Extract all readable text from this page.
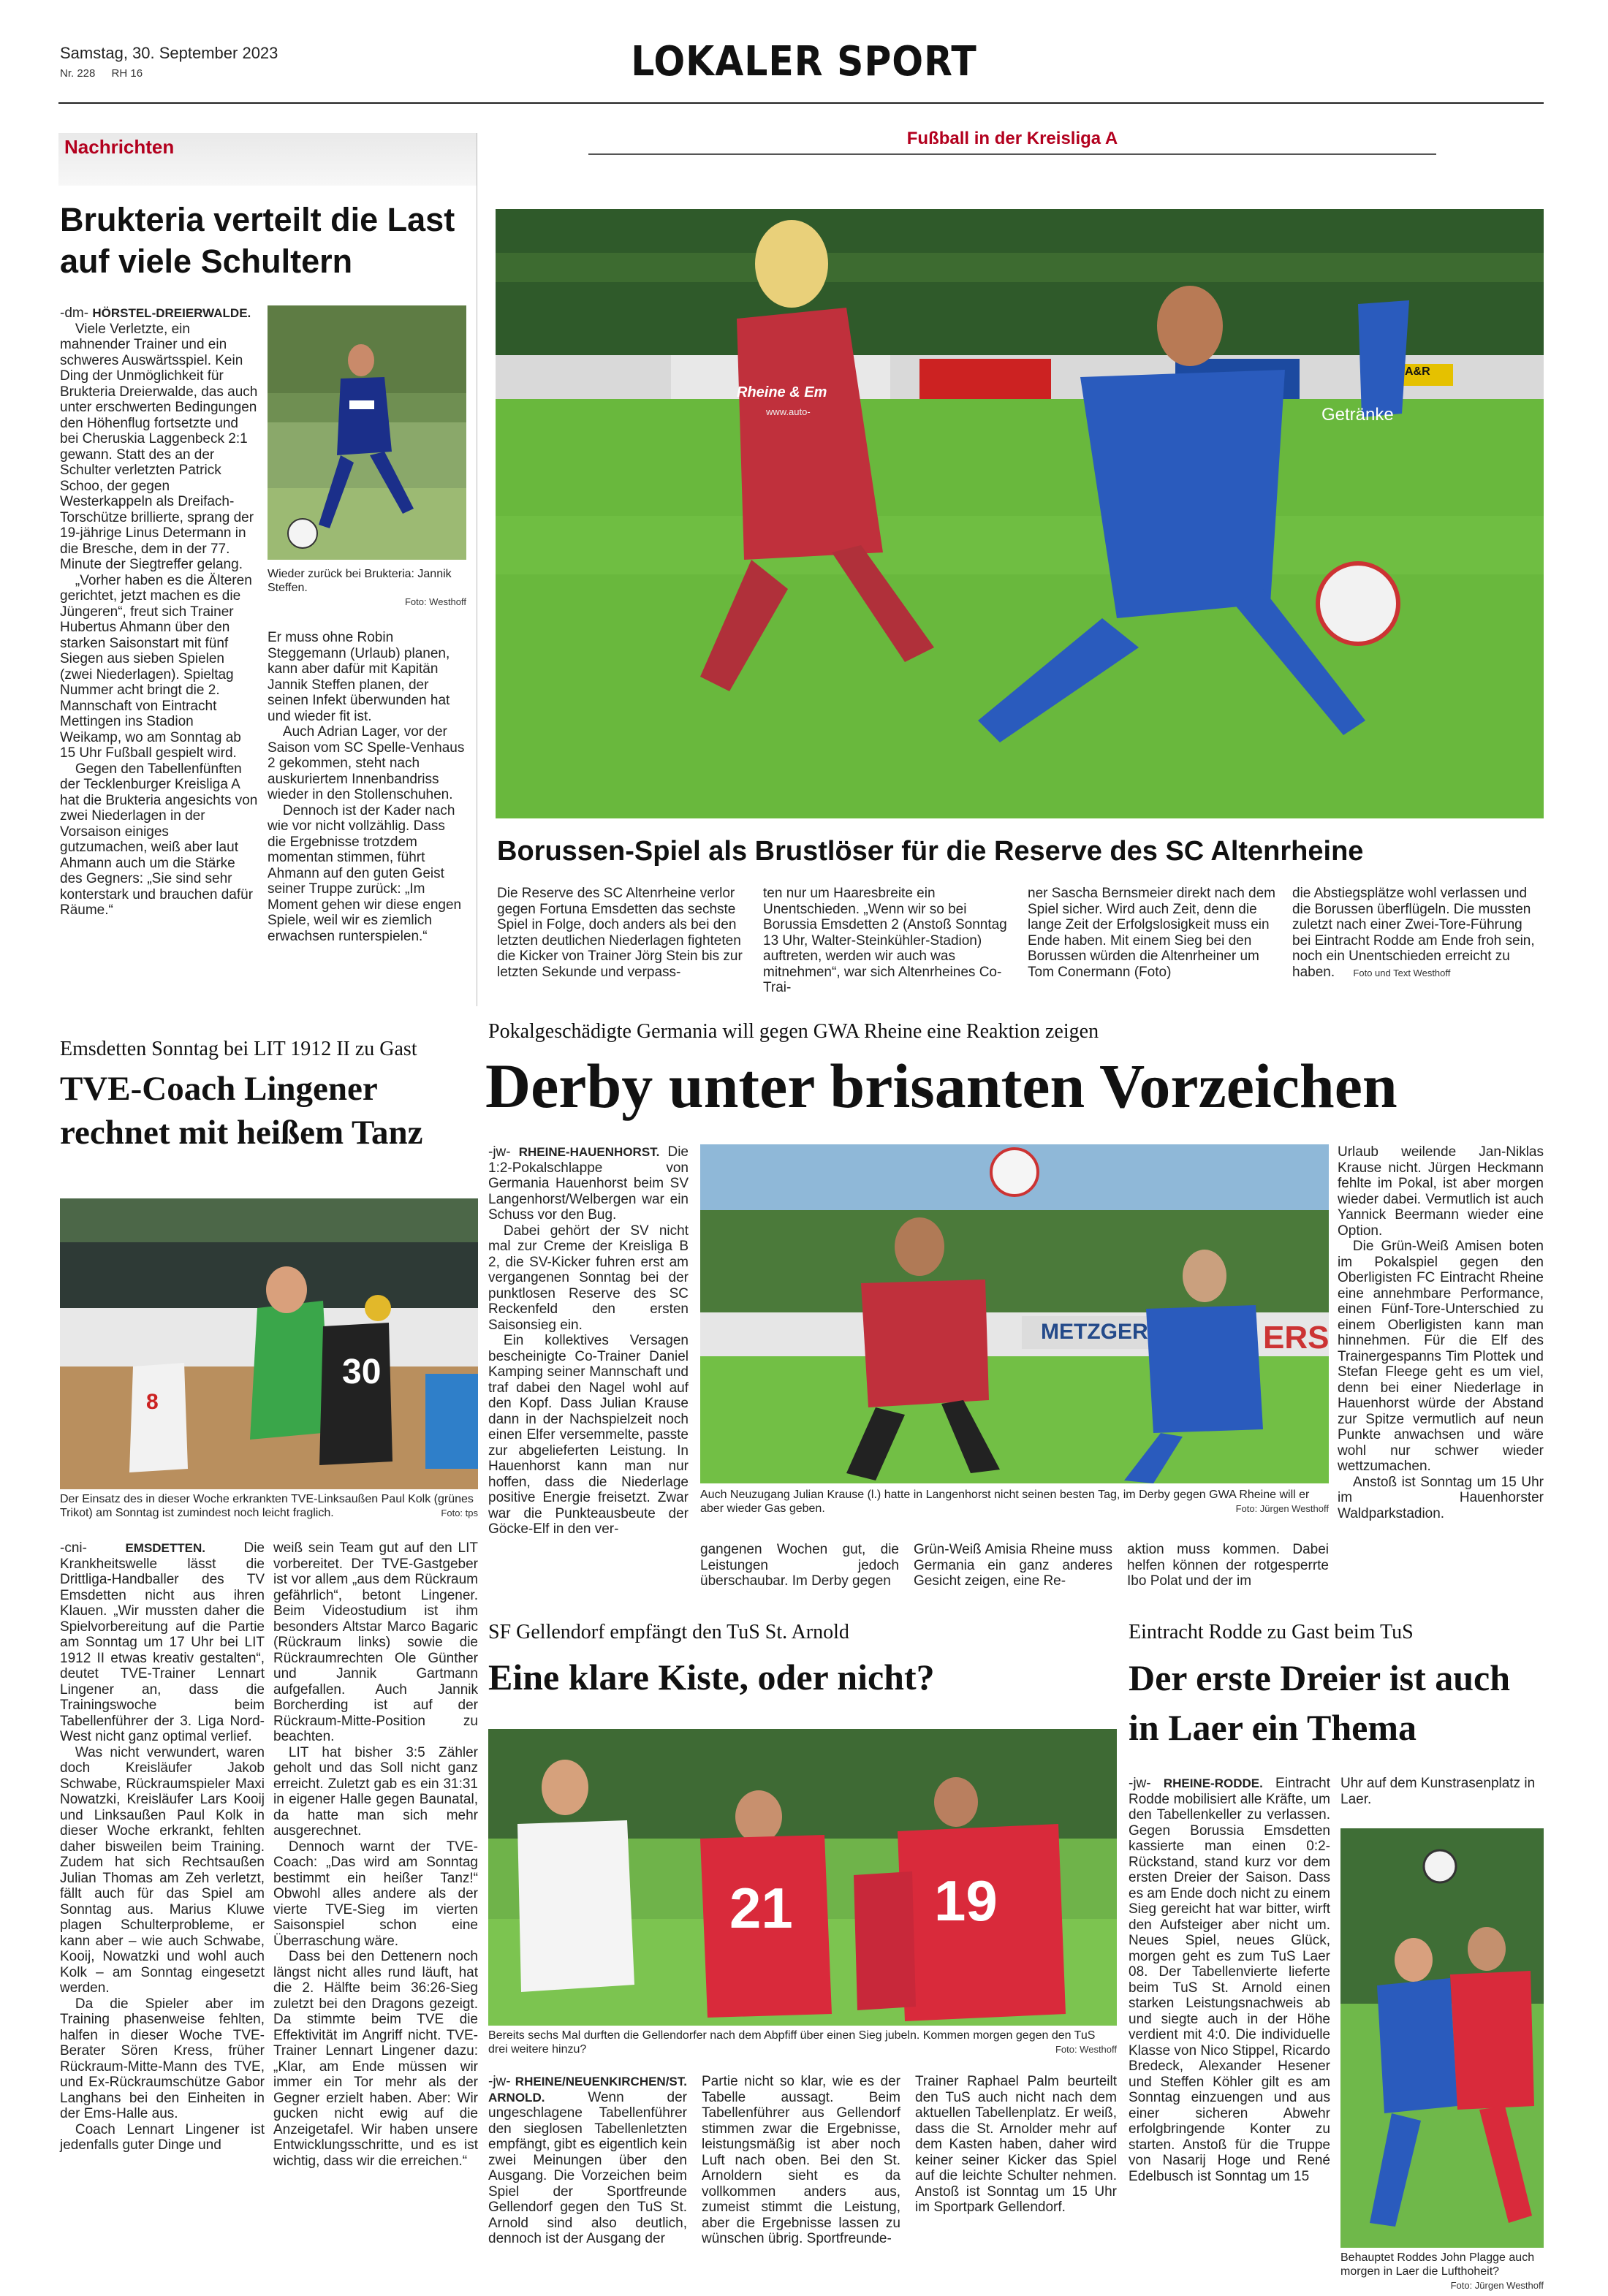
Samstag, 30. September 2023
Nr. 228 RH 16	LOKALER SPORT
Nachrichten
Brukteria verteilt die Last auf viele Schultern

-dm- HÖRSTEL-DREIERWALDE.

Viele Verletzte, ein mahnender Trainer und ein schweres Auswärtsspiel. Kein Ding der Unmöglichkeit für Brukteria Dreierwalde, das auch unter erschwerten Bedingungen den Höhenflug fortsetzte und bei Cheruskia Laggenbeck 2:1 gewann. Statt des an der Schulter verletzten Patrick Schoo, der gegen Westerkappeln als Dreifach-Torschütze brillierte, sprang der 19-jährige Linus Determann in die Bresche, dem in der 77. Minute der Siegtreffer gelang.

„Vorher haben es die Älteren gerichtet, jetzt machen es die Jüngeren“, freut sich Trainer Hubertus Ahmann über den starken Saisonstart mit fünf Siegen aus sieben Spielen (zwei Niederlagen). Spieltag Nummer acht bringt die 2. Mannschaft von Eintracht Mettingen ins Stadion Weikamp, wo am Sonntag ab 15 Uhr Fußball gespielt wird.

Gegen den Tabellenfünften der Tecklenburger Kreisliga A hat die Brukteria angesichts von zwei Niederlagen in der Vorsaison einiges gutzumachen, weiß aber laut Ahmann auch um die Stärke des Gegners: „Sie sind sehr konterstark und brauchen dafür Räume.“

Wieder zurück bei Brukteria: Jannik Steffen.
Foto: Westhoff

Er muss ohne Robin Steggemann (Urlaub) planen, kann aber dafür mit Kapitän Jannik Steffen planen, der seinen Infekt überwunden hat und wieder fit ist.

Auch Adrian Lager, vor der Saison vom SC Spelle-Venhaus 2 gekommen, steht nach auskuriertem Innenbandriss wieder in den Stollenschuhen.

Dennoch ist der Kader nach wie vor nicht vollzählig. Dass die Ergebnisse trotzdem momentan stimmen, führt Ahmann auf den guten Geist seiner Truppe zurück: „Im Moment gehen wir diese engen Spiele, weil wir es ziemlich erwachsen runterspielen.“

Fußball in der Kreisliga A
Rheine & Em
www.auto-	Getränke
A&R
Borussen-Spiel als Brustlöser für die Reserve des SC Altenrheine
Die Reserve des SC Altenrheine verlor gegen Fortuna Emsdetten das sechste Spiel in Folge, doch anders als bei den letzten deutlichen Niederlagen fighteten die Kicker von Trainer Jörg Stein bis zur letzten Sekunde und verpass-
ten nur um Haaresbreite ein Unentschieden. „Wenn wir so bei Borussia Emsdetten 2 (Anstoß Sonntag 13 Uhr, Walter-Steinkühler-Stadion) auftreten, werden wir auch was mitnehmen“, war sich Altenrheines Co-Trai-
ner Sascha Bernsmeier direkt nach dem Spiel sicher. Wird auch Zeit, denn die lange Zeit der Erfolgslosigkeit muss ein Ende haben. Mit einem Sieg bei den Borussen würden die Altenrheiner um Tom Conermann (Foto)
die Abstiegsplätze wohl verlassen und die Borussen überflügeln. Die mussten zuletzt nach einer Zwei-Tore-Führung bei Eintracht Rodde am Ende froh sein, noch ein Unentschieden erreicht zu haben. Foto und Text Westhoff
Emsdetten Sonntag bei LIT 1912 II zu Gast
TVE-Coach Lingener
rechnet mit heißem Tanz
8
30
Der Einsatz des in dieser Woche erkrankten TVE-Linksaußen Paul Kolk (grünes Trikot) am Sonntag ist zumindest noch leicht fraglich.	Foto: tps

-cni-	EMSDETTEN.	Die Krankheitswelle lässt die Drittliga-Handballer des TV Emsdetten nicht aus ihren Klauen. „Wir mussten daher die Spielvorbereitung auf die Partie am Sonntag um 17 Uhr bei LIT 1912 II etwas kreativ gestalten“, deutet TVE-Trainer Lennart Lingener an, dass die Trainingswoche beim Tabellenführer der 3. Liga Nord-West nicht ganz optimal verlief.

Was nicht verwundert, waren doch Kreisläufer Jakob Schwabe, Rückraumspieler Maxi Nowatzki, Kreisläufer Lars Kooij und Linksaußen Paul Kolk in dieser Woche erkrankt, fehlten daher bisweilen beim Training. Zudem hat sich Rechtsaußen Julian Thomas am Zeh verletzt, fällt auch für das Spiel am Sonntag aus. Marius Kluwe plagen Schulterprobleme, er kann aber – wie auch Schwabe, Kooij, Nowatzki und wohl auch Kolk – am Sonntag eingesetzt werden.

Da die Spieler aber im Training phasenweise fehlten, halfen in dieser Woche TVE-Berater Sören Kress, früher Rückraum-Mitte-Mann des TVE, und Ex-Rückraumschütze Gabor Langhans bei den Einheiten in der Ems-Halle aus.

Coach Lennart Lingener ist jedenfalls guter Dinge und

weiß sein Team gut auf den LIT vorbereitet. Der TVE-Gastgeber ist vor allem „aus dem Rückraum gefährlich“, betont Lingener. Beim Videostudium ist ihm besonders Altstar Marco Bagaric (Rückraum links) sowie die Rückraumrechten Ole Günther und Jannik Gartmann aufgefallen. Auch Jannik Borcherding ist auf der Rückraum-Mitte-Position zu beachten.

LIT hat bisher 3:5 Zähler geholt und das Soll nicht ganz erreicht. Zuletzt gab es ein 31:31 in eigener Halle gegen Baunatal, da hatte man sich mehr ausgerechnet.

Dennoch warnt der TVE-Coach: „Das wird am Sonntag bestimmt ein heißer Tanz!“ Obwohl alles andere als der vierte TVE-Sieg im vierten Saisonspiel schon eine Überraschung wäre.

Dass bei den Dettenern noch längst nicht alles rund läuft, hat die 2. Hälfte beim 36:26-Sieg zuletzt bei den Dragons gezeigt. Da stimmte beim TVE die Effektivität im Angriff nicht. TVE-Trainer Lennart Lingener dazu: „Klar, am Ende müssen wir immer ein Tor mehr als der Gegner erzielt haben. Aber: Wir gucken nicht ewig auf die Anzeigetafel. Wir haben unsere Entwicklungsschritte, und es ist wichtig, dass wir die erreichen.“

Pokalgeschädigte Germania will gegen GWA Rheine eine Reaktion zeigen
Derby unter brisanten Vorzeichen

-jw- RHEINE-HAUENHORST. Die 1:2-Pokalschlappe von Germania Hauenhorst beim SV Langenhorst/Welbergen war ein Schuss vor den Bug.

Dabei gehört der SV nicht mal zur Creme der Kreisliga B 2, die SV-Kicker fuhren erst am vergangenen Sonntag bei der punktlosen Reserve des SC Reckenfeld den ersten Saisonsieg ein.

Ein kollektives Versagen bescheinigte Co-Trainer Daniel Kamping seiner Mannschaft und traf dabei den Nagel wohl auf den Kopf. Dass Julian Krause dann in der Nachspielzeit noch einen Elfer versemmelte, passte zur abgelieferten Leistung. In Hauenhorst kann man nur hoffen, dass die Niederlage positive Energie freisetzt. Zwar war die Punkteausbeute der Göcke-Elf in den ver-

METZGER	ERS
Auch Neuzugang Julian Krause (l.) hatte in Langenhorst nicht seinen besten Tag, im Derby gegen GWA Rheine will er aber wieder Gas geben.	Foto: Jürgen Westhoff

Urlaub weilende Jan-Niklas Krause nicht. Jürgen Heckmann fehlte im Pokal, ist aber morgen wieder dabei. Vermutlich ist auch Yannick Beermann wieder eine Option.

Die Grün-Weiß Amisen boten im Pokalspiel gegen den Oberligisten FC Eintracht Rheine eine annehmbare Performance, einen Fünf-Tore-Unterschied zu einem Oberligisten kann man hinnehmen. Für die Elf des Trainergespanns Tim Plottek und Stefan Fleege geht es um viel, denn bei einer Niederlage in Hauenhorst würde der Abstand zur Spitze vermutlich auf neun Punkte anwachsen und wäre wohl nur schwer wieder wettzumachen.

Anstoß ist Sonntag um 15 Uhr im Hauenhorster Waldparkstadion.

gangenen Wochen gut, die Leistungen jedoch überschaubar. Im Derby gegen
Grün-Weiß Amisia Rheine muss Germania ein ganz anderes Gesicht zeigen, eine Re-
aktion muss kommen. Dabei helfen können der rotgesperrte Ibo Polat und der im
SF Gellendorf empfängt den TuS St. Arnold
Eine klare Kiste, oder nicht?
21 19
Bereits sechs Mal durften die Gellendorfer nach dem Abpfiff über einen Sieg jubeln. Kommen morgen gegen den TuS drei weitere hinzu?	Foto: Westhoff
-jw- RHEINE/NEUENKIRCHEN/ST. ARNOLD.	Wenn der ungeschlagene Tabellenführer den sieglosen Tabellenletzten empfängt, gibt es eigentlich kein zwei Meinungen über den Ausgang. Die Vorzeichen beim Spiel der Sportfreunde Gellendorf gegen den TuS St. Arnold sind also deutlich, dennoch ist der Ausgang der
Partie nicht so klar, wie es der Tabelle aussagt. Beim Tabellenführer aus Gellendorf stimmen zwar die Ergebnisse, leistungsmäßig ist aber noch Luft nach oben. Bei den St. Arnoldern sieht es da vollkommen anders aus, zumeist stimmt die Leistung, aber die Ergebnisse lassen zu wünschen übrig. Sportfreunde-
Trainer Raphael Palm beurteilt den TuS auch nicht nach dem aktuellen Tabellenplatz. Er weiß, dass die St. Arnolder mehr auf dem Kasten haben, daher wird keiner seiner Kicker das Spiel auf die leichte Schulter nehmen. Anstoß ist Sonntag um 15 Uhr im Sportpark Gellendorf.
Eintracht Rodde zu Gast beim TuS
Der erste Dreier ist auch
in Laer ein Thema
-jw- RHEINE-RODDE. Eintracht Rodde mobilisiert alle Kräfte, um den Tabellenkeller zu verlassen. Gegen Borussia Emsdetten kassierte man einen 0:2-Rückstand, stand kurz vor dem ersten Dreier der Saison. Dass es am Ende doch nicht zu einem Sieg gereicht hat war bitter, wirft den Aufsteiger aber nicht um. Neues Spiel, neues Glück, morgen geht es zum TuS Laer 08. Der Tabellenvierte lieferte beim TuS St. Arnold einen starken Leistungsnachweis ab und siegte auch in der Höhe verdient mit 4:0. Die individuelle Klasse von Nico Stippel, Ricardo Bredeck, Alexander Hesener und Steffen Köhler gilt es am Sonntag einzuengen und aus einer sicheren Abwehr erfolgbringende Konter zu starten. Anstoß für die Truppe von Nasarij Hoge und René Edelbusch ist Sonntag um 15
Uhr auf dem Kunstrasenplatz in Laer.
Behauptet Roddes John Plagge auch morgen in Laer die Lufthoheit?
Foto: Jürgen Westhoff
